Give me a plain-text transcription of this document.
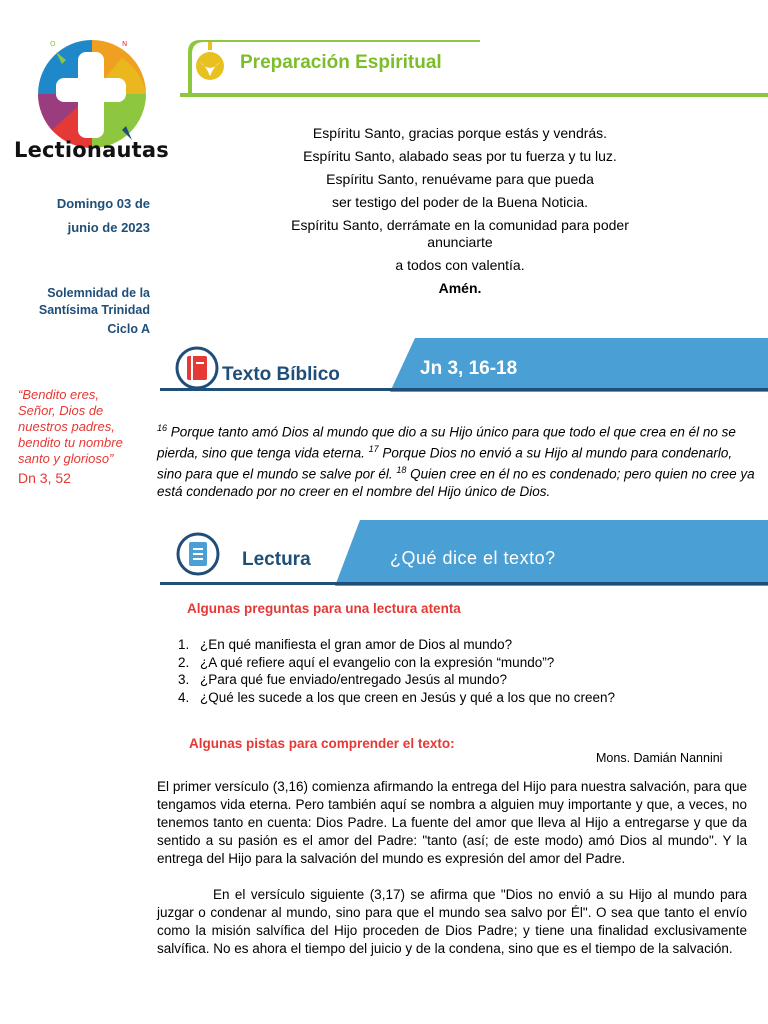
O	N
Lectionautas
Domingo 03 de
junio de 2023
Solemnidad de la
Santísima Trinidad
Ciclo A
“Bendito eres, Señor, Dios de nuestros padres, bendito tu nombre santo y glorioso”
Dn 3, 52
Preparación Espiritual
Espíritu Santo, gracias porque estás y vendrás.
Espíritu Santo, alabado seas por tu fuerza y tu luz.
Espíritu Santo, renuévame para que pueda
ser testigo del poder de la Buena Noticia.
Espíritu Santo, derrámate en la comunidad para poder anunciarte
a todos con valentía.
Amén.
Texto Bíblico	Jn 3, 16-18
$^{16}$ Porque tanto amó Dios al mundo que dio a su Hijo único para que todo el que crea en él no se pierda, sino que tenga vida eterna. $^{17}$ Porque Dios no envió a su Hijo al mundo para condenarlo, sino para que el mundo se salve por él. $^{18}$ Quien cree en él no es condenado; pero quien no cree ya está condenado por no creer en el nombre del Hijo único de Dios.
Lectura	¿Qué dice el texto?
Algunas preguntas para una lectura atenta
1. ¿En qué manifiesta el gran amor de Dios al mundo?
2. ¿A qué refiere aquí el evangelio con la expresión “mundo”?
3. ¿Para qué fue enviado/entregado Jesús al mundo?
4. ¿Qué les sucede a los que creen en Jesús y qué a los que no creen?
Algunas pistas para comprender el texto:
Mons. Damián Nannini
El primer versículo (3,16) comienza afirmando la entrega del Hijo para nuestra salvación, para que tengamos vida eterna. Pero también aquí se nombra a alguien muy importante y que, a veces, no tenemos tanto en cuenta: Dios Padre. La fuente del amor que lleva al Hijo a entregarse y que da sentido a su pasión es el amor del Padre: "tanto (así; de este modo) amó Dios al mundo". Y la entrega del Hijo para la salvación del mundo es expresión del amor del Padre.
En el versículo siguiente (3,17) se afirma que "Dios no envió a su Hijo al mundo para juzgar o condenar al mundo, sino para que el mundo sea salvo por Él". O sea que tanto el envío como la misión salvífica del Hijo proceden de Dios Padre; y tiene una finalidad exclusivamente salvífica. No es ahora el tiempo del juicio y de la condena, sino que es el tiempo de la salvación.
